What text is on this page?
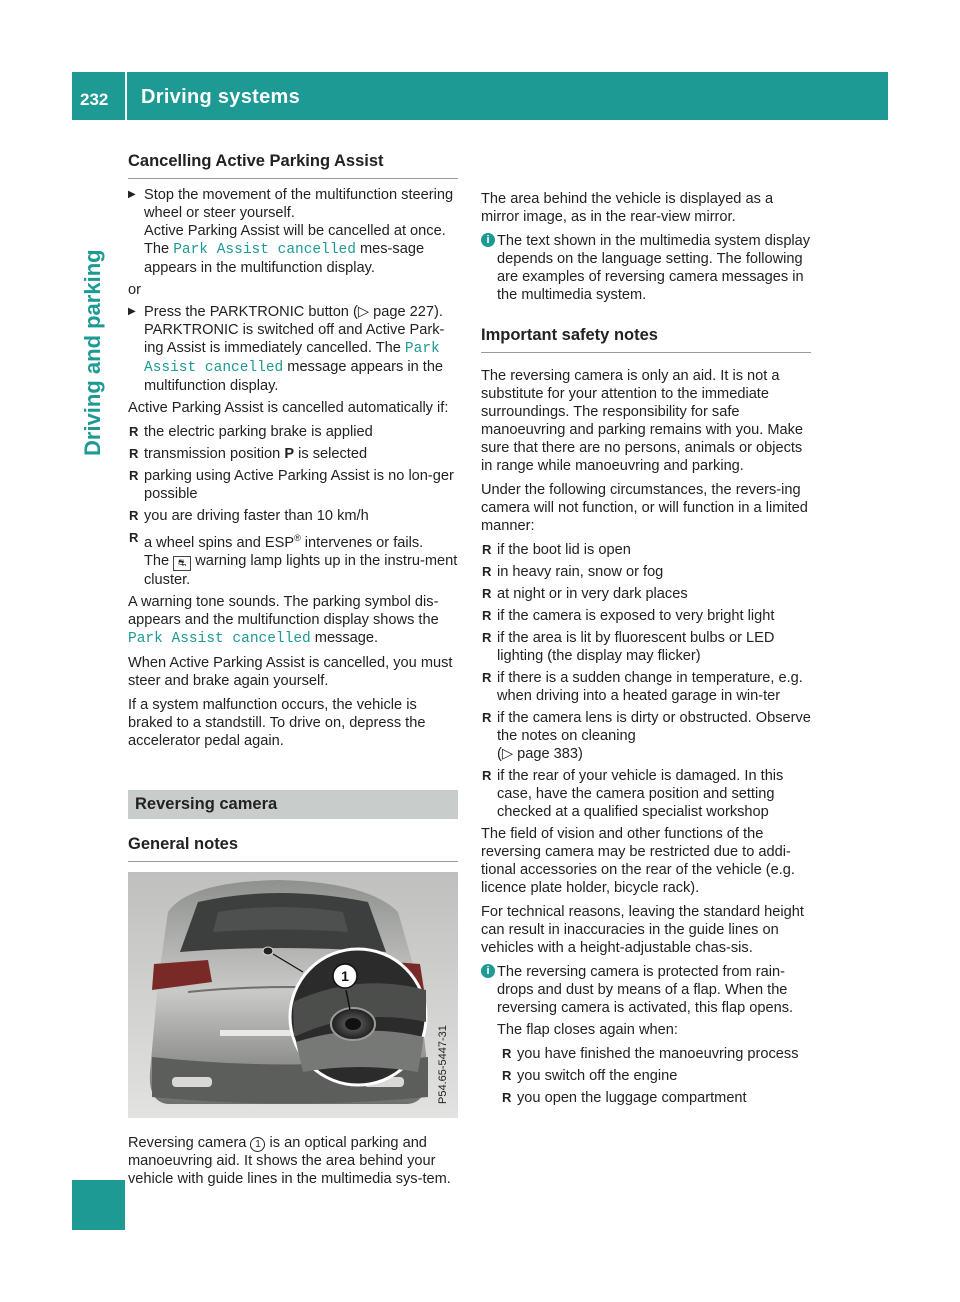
232 Driving systems
Driving and parking
Cancelling Active Parking Assist
▶ Stop the movement of the multifunction steering wheel or steer yourself.
Active Parking Assist will be cancelled at once. The Park Assist cancelled mes-sage appears in the multifunction display.

or

▶ Press the PARKTRONIC button (▷ page 227). PARKTRONIC is switched off and Active Park-ing Assist is immediately cancelled. The Park Assist cancelled message appears in the multifunction display.

Active Parking Assist is cancelled automatically if:

R the electric parking brake is applied
R transmission position P is selected
R parking using Active Parking Assist is no lon-ger possible
R you are driving faster than 10 km/h
R a wheel spins and ESP® intervenes or fails.
The ⛐ warning lamp lights up in the instru-ment cluster.

A warning tone sounds. The parking symbol dis-appears and the multifunction display shows the Park Assist cancelled message.

When Active Parking Assist is cancelled, you must steer and brake again yourself.

If a system malfunction occurs, the vehicle is braked to a standstill. To drive on, depress the accelerator pedal again.

Reversing camera
General notes
1
P54.65-5447-31

Reversing camera 1 is an optical parking and manoeuvring aid. It shows the area behind your vehicle with guide lines in the multimedia sys-tem.

The area behind the vehicle is displayed as a mirror image, as in the rear-view mirror.

i The text shown in the multimedia system display depends on the language setting. The following are examples of reversing camera messages in the multimedia system.
Important safety notes

The reversing camera is only an aid. It is not a substitute for your attention to the immediate surroundings. The responsibility for safe manoeuvring and parking remains with you. Make sure that there are no persons, animals or objects in range while manoeuvring and parking.

Under the following circumstances, the revers-ing camera will not function, or will function in a limited manner:

R if the boot lid is open
R in heavy rain, snow or fog
R at night or in very dark places
R if the camera is exposed to very bright light
R if the area is lit by fluorescent bulbs or LED lighting (the display may flicker)
R if there is a sudden change in temperature, e.g. when driving into a heated garage in win-ter
R if the camera lens is dirty or obstructed. Observe the notes on cleaning
(▷ page 383)
R if the rear of your vehicle is damaged. In this case, have the camera position and setting checked at a qualified specialist workshop

The field of vision and other functions of the reversing camera may be restricted due to addi-tional accessories on the rear of the vehicle (e.g. licence plate holder, bicycle rack).

For technical reasons, leaving the standard height can result in inaccuracies in the guide lines on vehicles with a height-adjustable chas-sis.

i The reversing camera is protected from rain-drops and dust by means of a flap. When the reversing camera is activated, this flap opens.

The flap closes again when:

R you have finished the manoeuvring process
R you switch off the engine
R you open the luggage compartment
